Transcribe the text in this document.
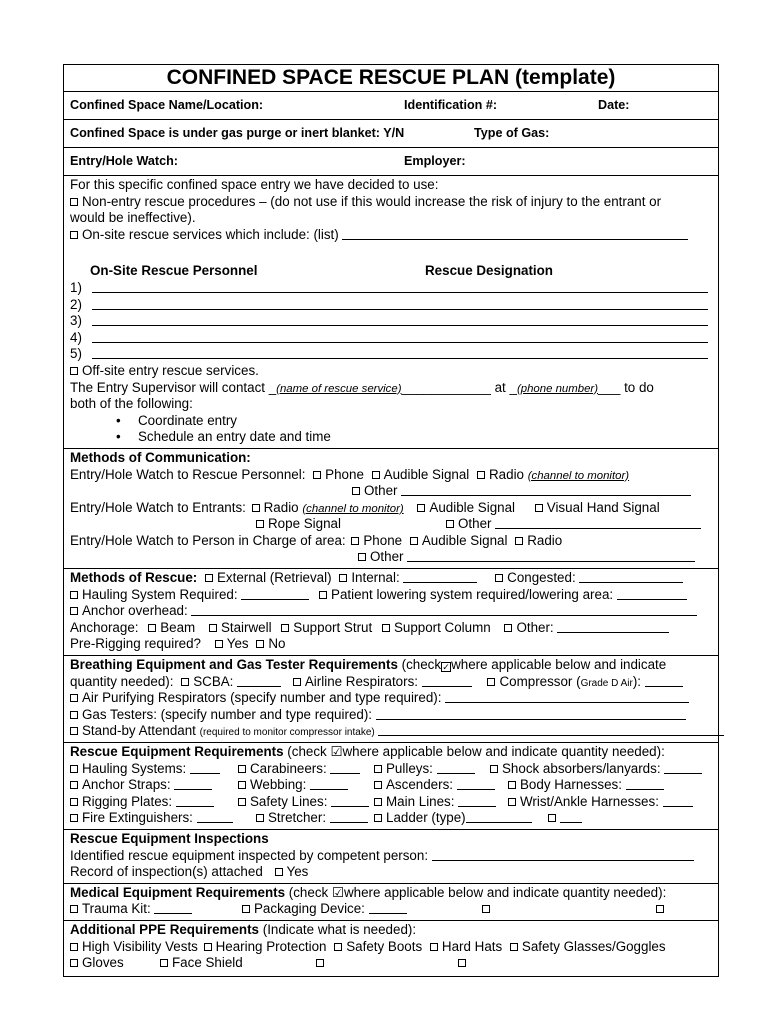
CONFINED SPACE RESCUE PLAN (template)
Confined Space Name/Location:	Identification #:	Date:
Confined Space is under gas purge or inert blanket: Y/N	Type of Gas:
Entry/Hole Watch:	Employer:
For this specific confined space entry we have decided to use:
Non-entry rescue procedures – (do not use if this would increase the risk of injury to the entrant or
would be ineffective).
On-site rescue services which include: (list)
On-Site Rescue Personnel	Rescue Designation
1)
2)
3)
4)
5)
Off-site entry rescue services.
The Entry Supervisor will contact _(name of rescue service)____________ at _(phone number)___ to do
both of the following:
• Coordinate entry
• Schedule an entry date and time
Methods of Communication:
Entry/Hole Watch to Rescue Personnel: Phone Audible Signal Radio (channel to monitor)
Other
Entry/Hole Watch to Entrants: Radio (channel to monitor) Audible Signal Visual Hand Signal
Rope Signal	Other
Entry/Hole Watch to Person in Charge of area: Phone Audible Signal Radio
Other
Methods of Rescue: External (Retrieval) Internal:	Congested:
Hauling System Required:	Patient lowering system required/lowering area:
Anchor overhead:
Anchorage: Beam Stairwell Support Strut Support Column Other:
Pre-Rigging required? Yes No
Breathing Equipment and Gas Tester Requirements (check✓where applicable below and indicate
quantity needed): SCBA:	Airline Respirators:	Compressor (Grade D Air):
Air Purifying Respirators (specify number and type required):
Gas Testers: (specify number and type required):
Stand-by Attendant (required to monitor compressor intake)
Rescue Equipment Requirements (check ☑where applicable below and indicate quantity needed):
Hauling Systems:	Carabineers:	Pulleys:	Shock absorbers/lanyards:
Anchor Straps:	Webbing:	Ascenders:	Body Harnesses:
Rigging Plates:	Safety Lines:	Main Lines:	Wrist/Ankle Harnesses:
Fire Extinguishers:	Stretcher:	Ladder (type)
Rescue Equipment Inspections
Identified rescue equipment inspected by competent person:
Record of inspection(s) attached Yes
Medical Equipment Requirements (check ☑where applicable below and indicate quantity needed):
Trauma Kit:	Packaging Device:
Additional PPE Requirements (Indicate what is needed):
High Visibility Vests Hearing Protection Safety Boots Hard Hats Safety Glasses/Goggles
Gloves	Face Shield
